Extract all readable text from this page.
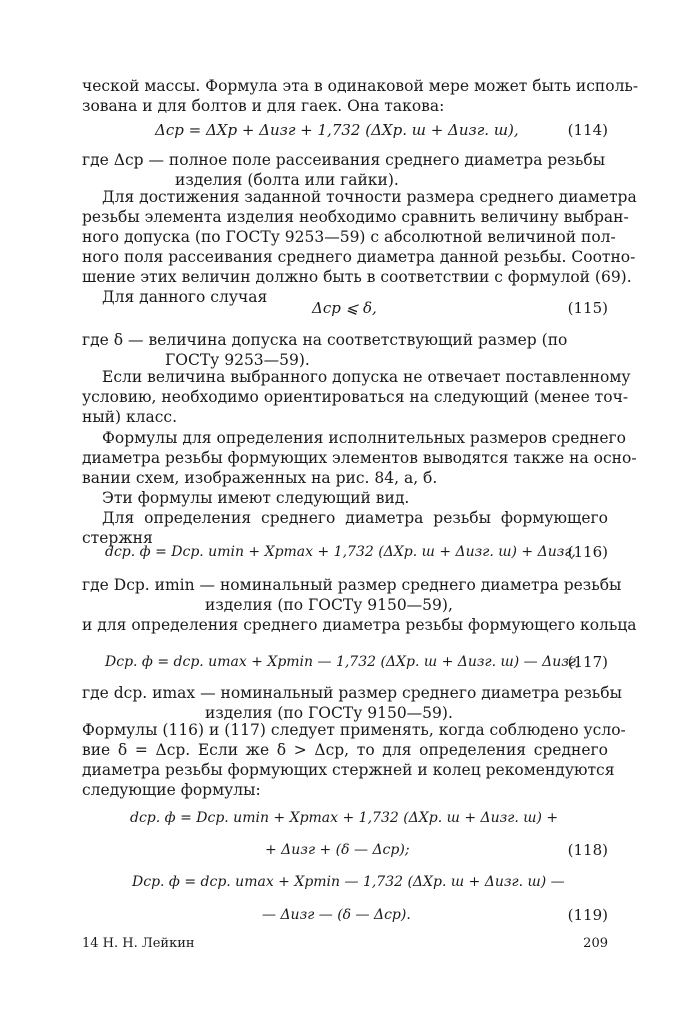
ческой массы. Формула эта в одинаковой мере может быть исполь-
зована и для болтов и для гаек. Она такова:
Δср = ΔXр + Δизг + 1,732 (ΔXр. ш + Δизг. ш),	(114)
где Δср — полное поле рассеивания среднего диаметра резьбы
изделия (болта или гайки).
Для достижения заданной точности размера среднего диаметра
резьбы элемента изделия необходимо сравнить величину выбран-
ного допуска (по ГОСТу 9253—59) с абсолютной величиной пол-
ного поля рассеивания среднего диаметра данной резьбы. Соотно-
шение этих величин должно быть в соответствии с формулой (69).
Для данного случая
Δср ⩽ δ,	(115)
где δ — величина допуска на соответствующий размер (по
ГОСТу 9253—59).
Если величина выбранного допуска не отвечает поставленному
условию, необходимо ориентироваться на следующий (менее точ-
ный) класс.
Формулы для определения исполнительных размеров среднего
диаметра резьбы формующих элементов выводятся также на осно-
вании схем, изображенных на рис. 84, а, б.
Эти формулы имеют следующий вид.
Для определения среднего диаметра резьбы формующего
стержня
dср. ф = Dср. иmin + Xрmax + 1,732 (ΔXр. ш + Δизг. ш) + Δизг,
(116)
где Dср. иmin — номинальный размер среднего диаметра резьбы
изделия (по ГОСТу 9150—59),
и для определения среднего диаметра резьбы формующего кольца
Dср. ф = dср. иmax + Xрmin — 1,732 (ΔXр. ш + Δизг. ш) — Δизг,
(117)
где dср. иmax — номинальный размер среднего диаметра резьбы
изделия (по ГОСТу 9150—59).
Формулы (116) и (117) следует применять, когда соблюдено усло-
вие δ = Δср. Если же δ > Δср, то для определения среднего
диаметра резьбы формующих стержней и колец рекомендуются
следующие формулы:
dср. ф = Dср. иmin + Xрmax + 1,732 (ΔXр. ш + Δизг. ш) +
+ Δизг + (δ — Δср);	(118)
Dср. ф = dср. иmax + Xрmin — 1,732 (ΔXр. ш + Δизг. ш) —
— Δизг — (δ — Δср).	(119)
14 Н. Н. Лейкин	209
